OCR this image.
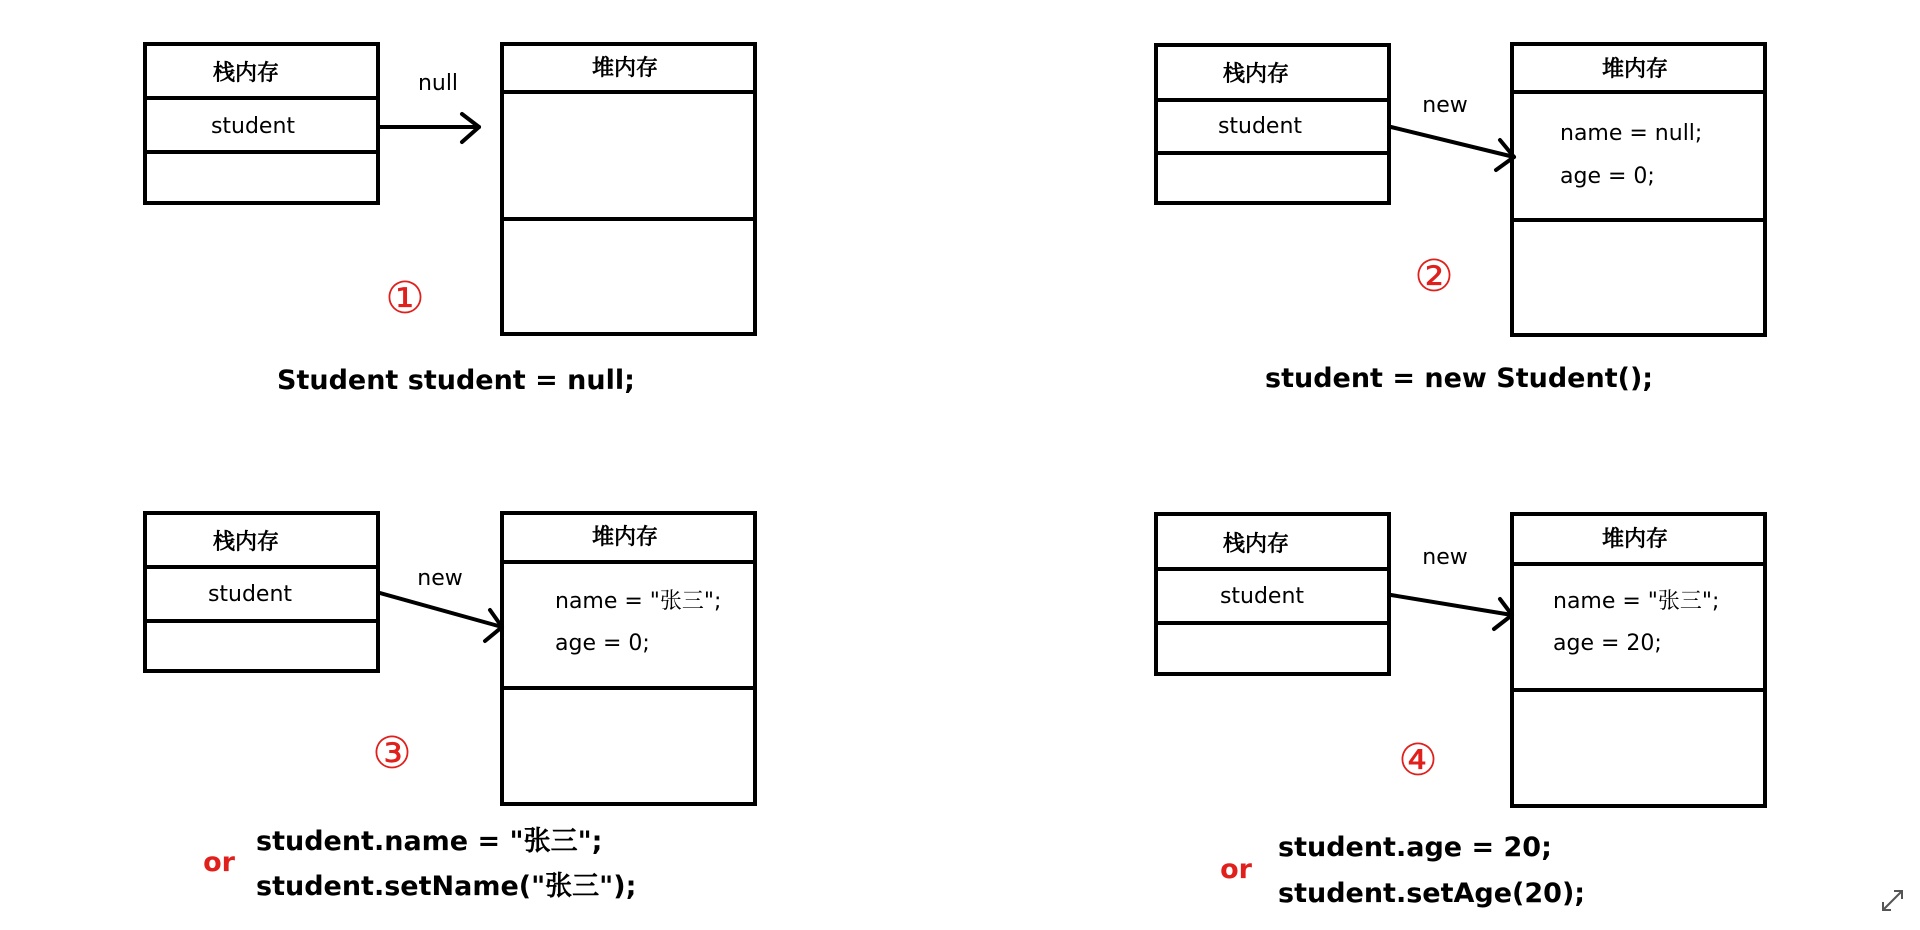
栈内存
student
堆内存
null
①
Student student = null;
栈内存
student
堆内存
name = null;
age = 0;
new
②
student = new Student();
栈内存
student
堆内存
name = "张三";
age = 0;
new
③
or
student.name = "张三";
student.setName("张三");
栈内存
student
堆内存
name = "张三";
age = 20;
new
④
or
student.age = 20;
student.setAge(20);
